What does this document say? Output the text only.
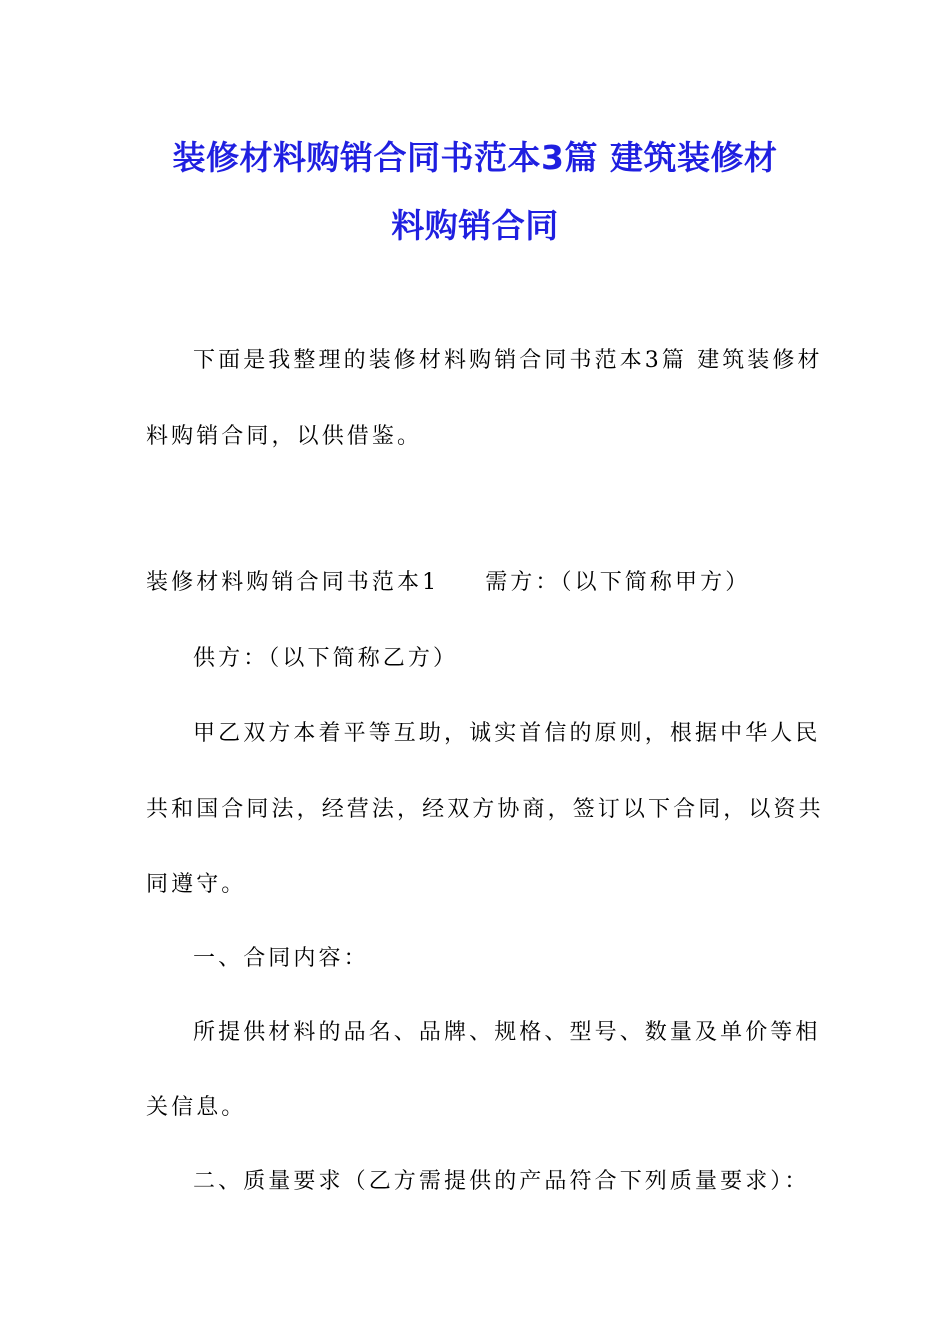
装修材料购销合同书范本3篇 建筑装修材
料购销合同
下面是我整理的装修材料购销合同书范本3篇 建筑装修材
料购销合同，以供借鉴。
装修材料购销合同书范本1 需方：（以下简称甲方）
供方：（以下简称乙方）
甲乙双方本着平等互助，诚实首信的原则，根据中华人民
共和国合同法，经营法，经双方协商，签订以下合同，以资共
同遵守。
一、合同内容：
所提供材料的品名、品牌、规格、型号、数量及单价等相
关信息。
二、质量要求（乙方需提供的产品符合下列质量要求）：
